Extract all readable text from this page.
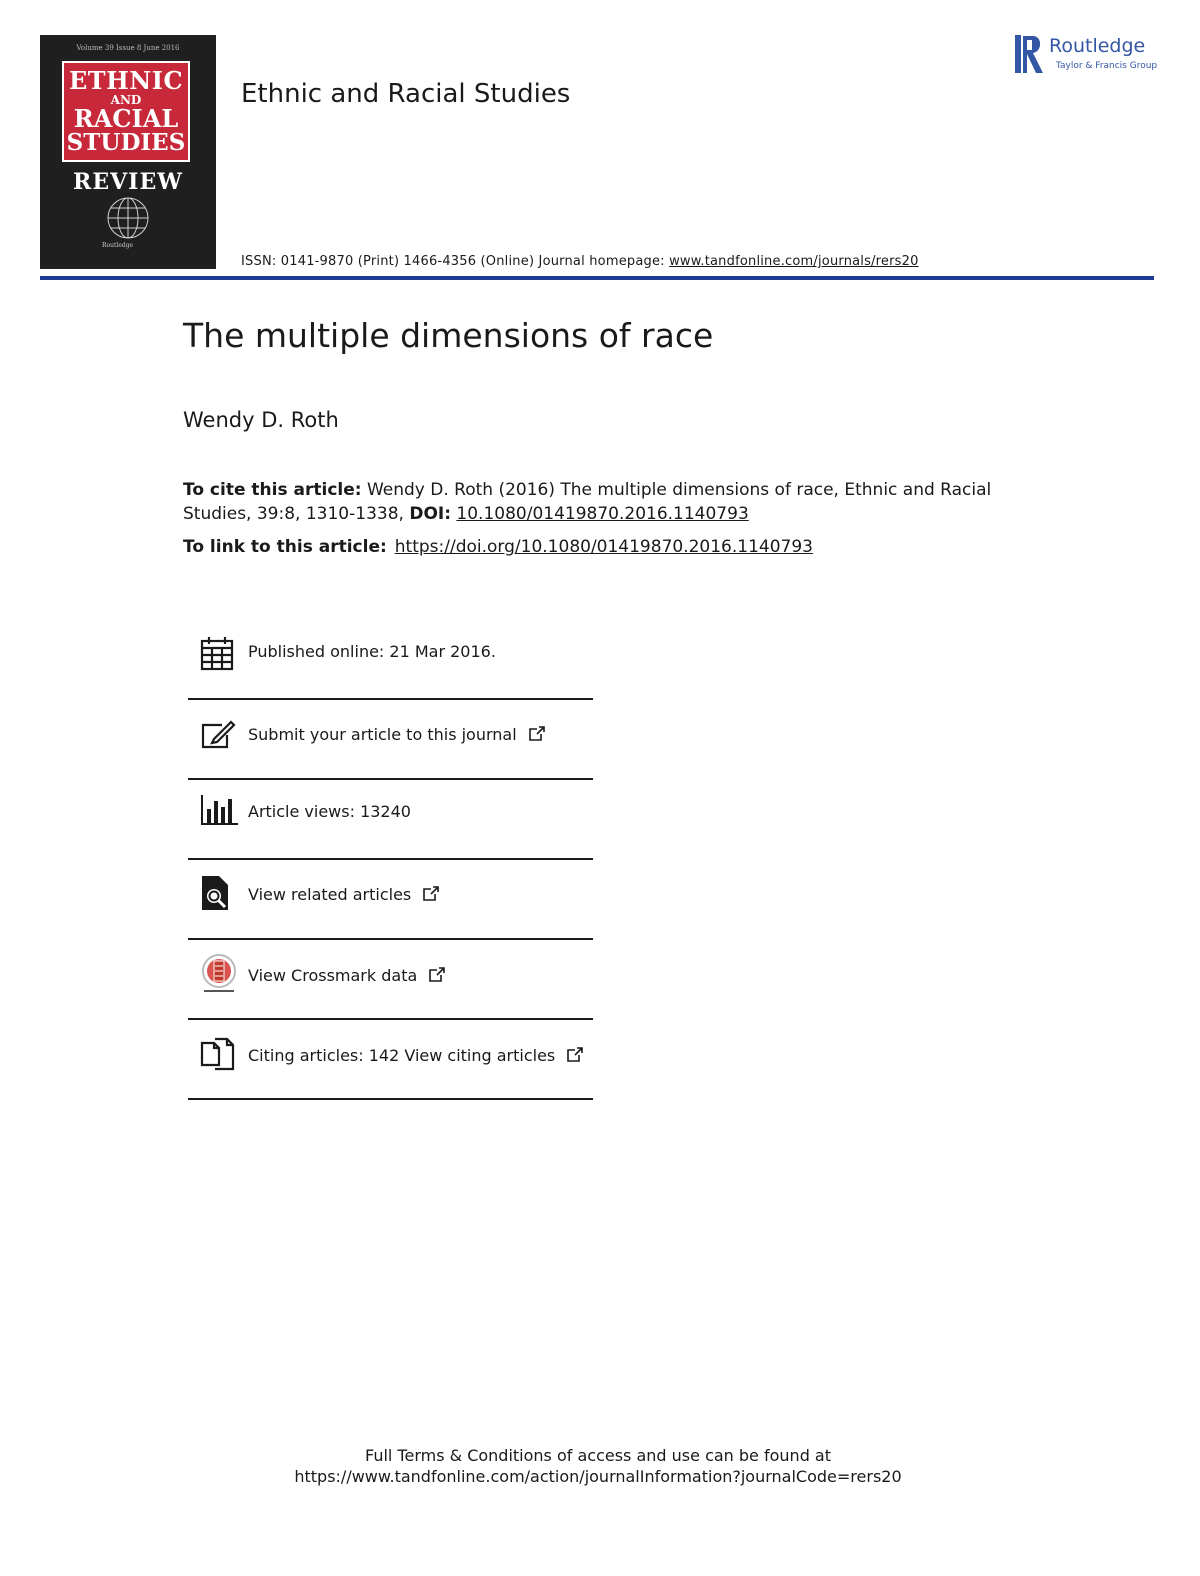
Volume 39 Issue 8 June 2016
ETHNIC
AND
RACIAL
STUDIES
REVIEW
Routledge
Ethnic and Racial Studies
Routledge
Taylor & Francis Group
ISSN: 0141-9870 (Print) 1466-4356 (Online) Journal homepage: www.tandfonline.com/journals/rers20
The multiple dimensions of race
Wendy D. Roth
To cite this article: Wendy D. Roth (2016) The multiple dimensions of race, Ethnic and Racial Studies, 39:8, 1310-1338, DOI: 10.1080/01419870.2016.1140793
To link to this article: https://doi.org/10.1080/01419870.2016.1140793
Published online: 21 Mar 2016.
Submit your article to this journal
Article views: 13240
View related articles
View Crossmark data
Citing articles: 142 View citing articles
Full Terms & Conditions of access and use can be found at
https://www.tandfonline.com/action/journalInformation?journalCode=rers20
